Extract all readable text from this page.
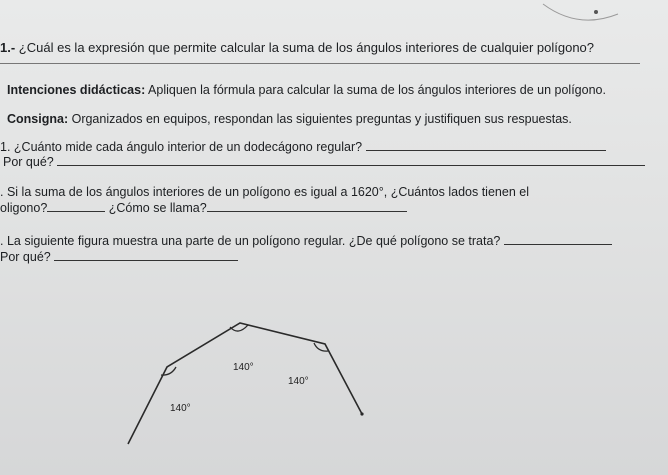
1.- ¿Cuál es la expresión que permite calcular la suma de los ángulos interiores de cualquier polígono?
Intenciones didácticas: Apliquen la fórmula para calcular la suma de los ángulos interiores de un polígono.
Consigna: Organizados en equipos, respondan las siguientes preguntas y justifiquen sus respuestas.
1. ¿Cuánto mide cada ángulo interior de un dodecágono regular?
Por qué?
. Si la suma de los ángulos interiores de un polígono es igual a 1620°, ¿Cuántos lados tienen el
oligono?	¿Cómo se llama?
. La siguiente figura muestra una parte de un polígono regular. ¿De qué polígono se trata?
Por qué?
140°
140°
140°
